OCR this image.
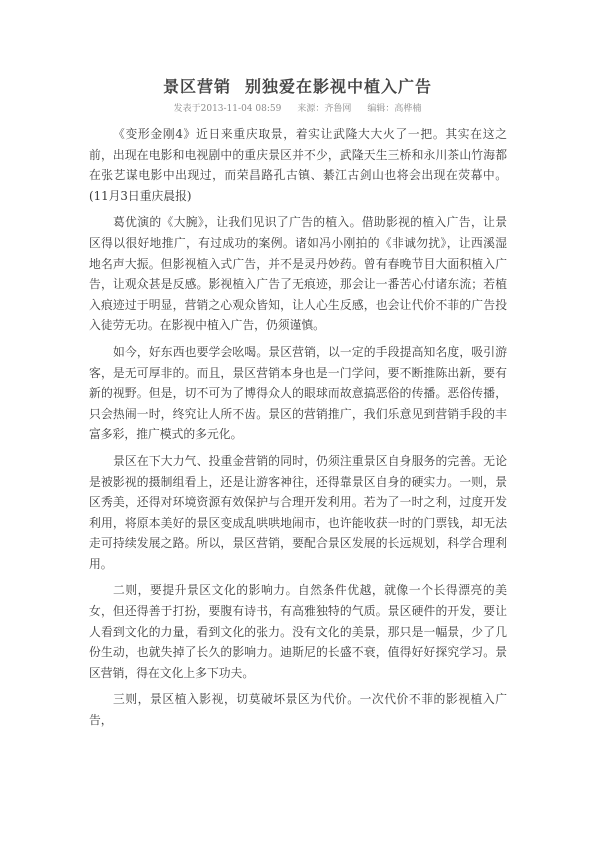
景区营销 别独爱在影视中植入广告
发表于2013-11-04 08:59 来源：齐鲁网 编辑：高桦楠

《变形金刚4》近日来重庆取景，着实让武隆大大火了一把。其实在这之前，出现在电影和电视剧中的重庆景区并不少，武隆天生三桥和永川茶山竹海都在张艺谋电影中出现过，而荣昌路孔古镇、綦江古剑山也将会出现在荧幕中。(11月3日重庆晨报)

葛优演的《大腕》，让我们见识了广告的植入。借助影视的植入广告，让景区得以很好地推广，有过成功的案例。诸如冯小刚拍的《非诚勿扰》，让西溪湿地名声大振。但影视植入式广告，并不是灵丹妙药。曾有春晚节目大面积植入广告，让观众甚是反感。影视植入广告了无痕迹，那会让一番苦心付诸东流；若植入痕迹过于明显，营销之心观众皆知，让人心生反感，也会让代价不菲的广告投入徒劳无功。在影视中植入广告，仍须谨慎。

如今，好东西也要学会吆喝。景区营销，以一定的手段提高知名度，吸引游客，是无可厚非的。而且，景区营销本身也是一门学问，要不断推陈出新，要有新的视野。但是，切不可为了博得众人的眼球而故意搞恶俗的传播。恶俗传播，只会热闹一时，终究让人所不齿。景区的营销推广，我们乐意见到营销手段的丰富多彩，推广模式的多元化。

景区在下大力气、投重金营销的同时，仍须注重景区自身服务的完善。无论是被影视的摄制组看上，还是让游客神往，还得靠景区自身的硬实力。一则，景区秀美，还得对环境资源有效保护与合理开发利用。若为了一时之利，过度开发利用，将原本美好的景区变成乱哄哄地闹市，也许能收获一时的门票钱，却无法走可持续发展之路。所以，景区营销，要配合景区发展的长远规划，科学合理利用。

二则，要提升景区文化的影响力。自然条件优越，就像一个长得漂亮的美女，但还得善于打扮，要腹有诗书，有高雅独特的气质。景区硬件的开发，要让人看到文化的力量，看到文化的张力。没有文化的美景，那只是一幅景，少了几份生动，也就失掉了长久的影响力。迪斯尼的长盛不衰，值得好好探究学习。景区营销，得在文化上多下功夫。

三则，景区植入影视，切莫破坏景区为代价。一次代价不菲的影视植入广告，
